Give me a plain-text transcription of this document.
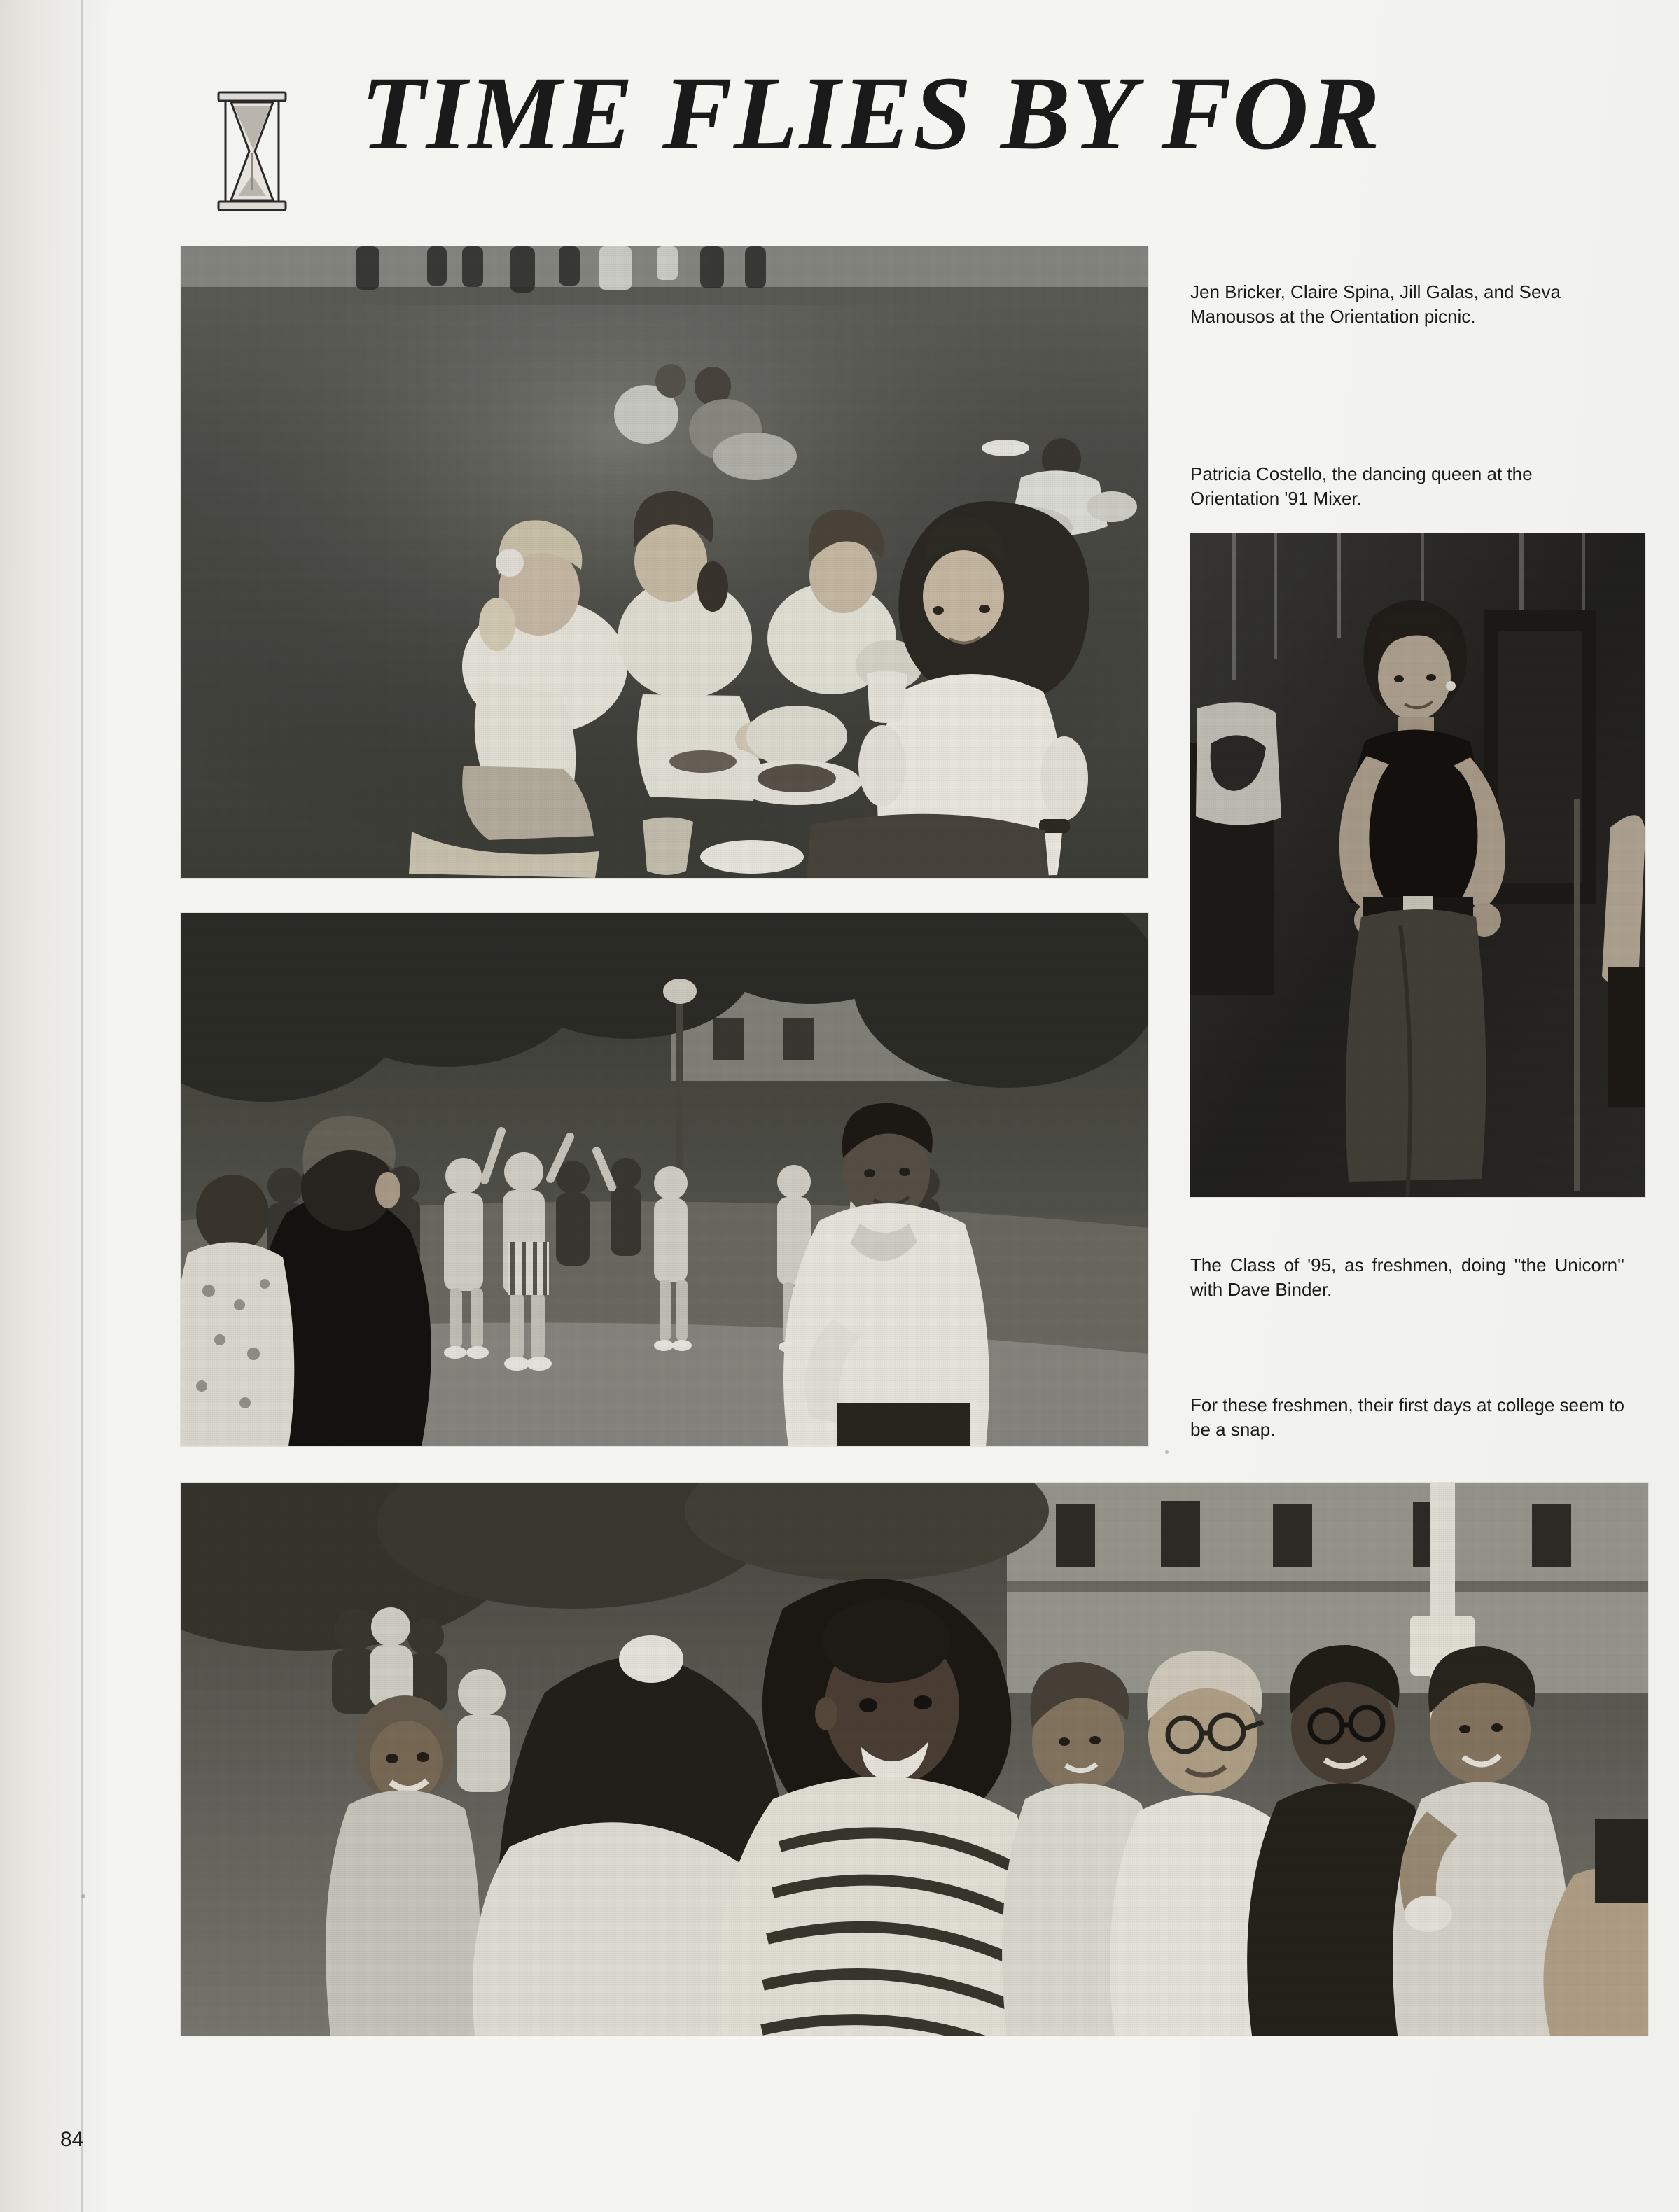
TIME FLIES BY FOR
Jen Bricker, Claire Spina, Jill Galas, and Seva Manousos at the Orientation picnic.
Patricia Costello, the dancing queen at the Orientation '91 Mixer.
The Class of '95, as freshmen, doing ''the Unicorn'' with Dave Binder.
For these freshmen, their first days at college seem to be a snap.
84
